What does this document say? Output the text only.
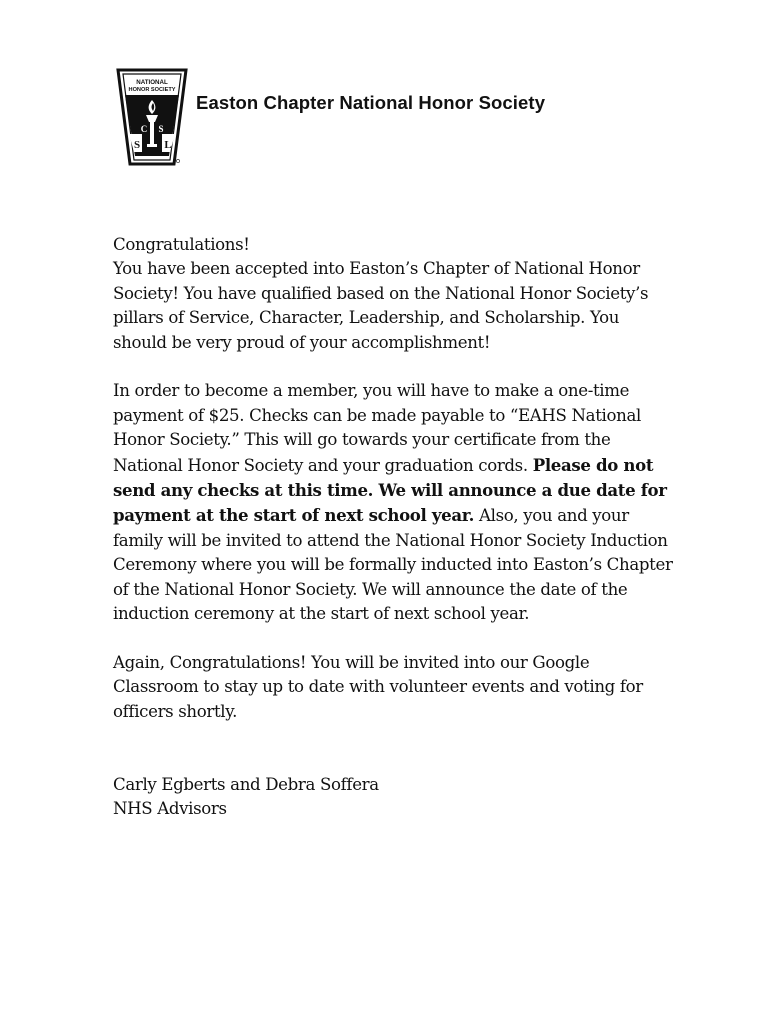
NATIONAL
HONOR SOCIETY
S L
C S
Easton Chapter National Honor Society

Congratulations!

You have been accepted into Easton’s Chapter of National Honor Society! You have qualified based on the National Honor Society’s pillars of Service, Character, Leadership, and Scholarship. You should be very proud of your accomplishment!

In order to become a member, you will have to make a one-time payment of $25. Checks can be made payable to “EAHS National Honor Society.” This will go towards your certificate from the National Honor Society and your graduation cords. Please do not send any checks at this time. We will announce a due date for payment at the start of next school year. Also, you and your family will be invited to attend the National Honor Society Induction Ceremony where you will be formally inducted into Easton’s Chapter of the National Honor Society. We will announce the date of the induction ceremony at the start of next school year.

Again, Congratulations! You will be invited into our Google Classroom to stay up to date with volunteer events and voting for officers shortly.

Carly Egberts and Debra Soffera

NHS Advisors
